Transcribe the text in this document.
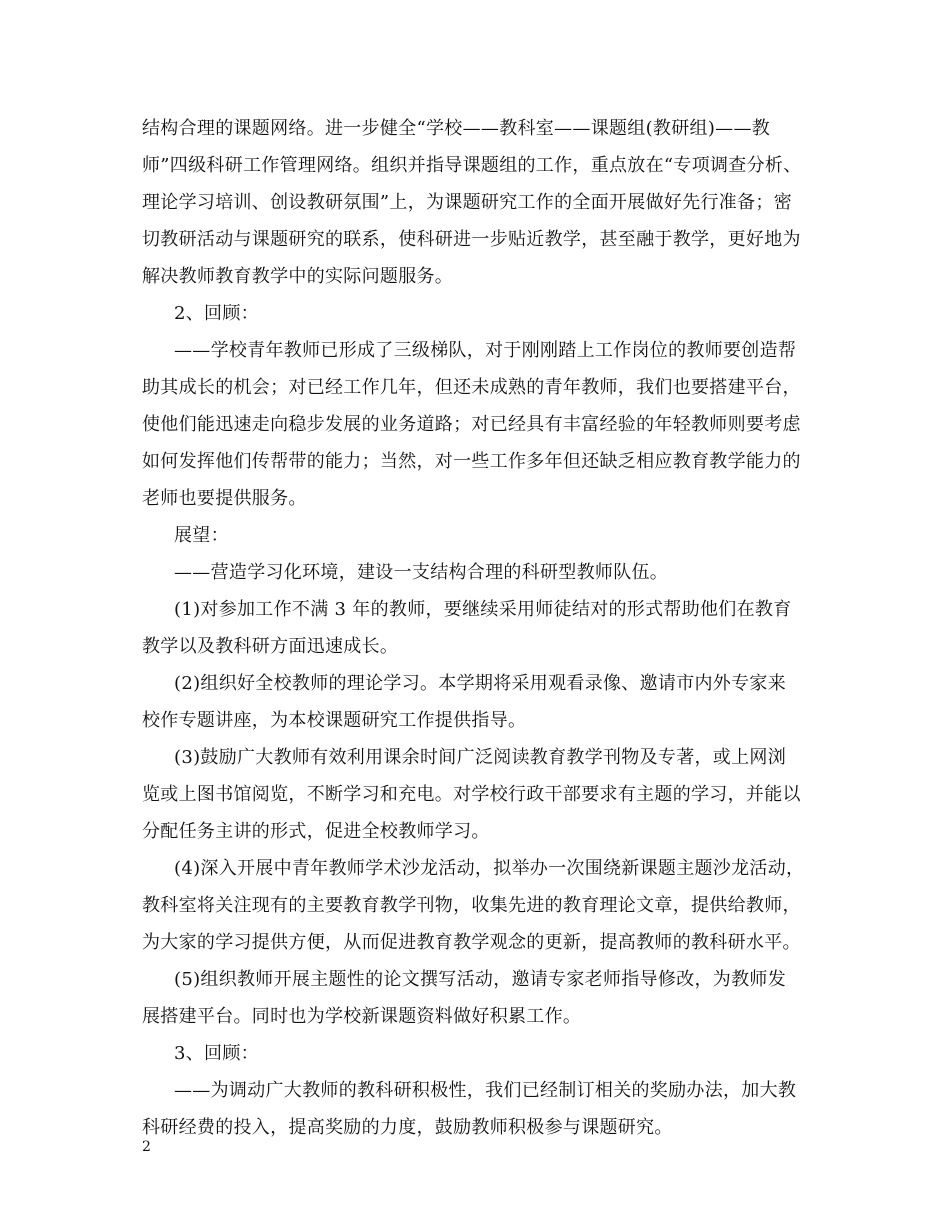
结构合理的课题网络。进一步健全“学校——教科室——课题组(教研组)——教
师”四级科研工作管理网络。组织并指导课题组的工作，重点放在“专项调查分析、
理论学习培训、创设教研氛围”上，为课题研究工作的全面开展做好先行准备；密
切教研活动与课题研究的联系，使科研进一步贴近教学，甚至融于教学，更好地为
解决教师教育教学中的实际问题服务。
2、回顾：
——学校青年教师已形成了三级梯队，对于刚刚踏上工作岗位的教师要创造帮
助其成长的机会；对已经工作几年，但还未成熟的青年教师，我们也要搭建平台，
使他们能迅速走向稳步发展的业务道路；对已经具有丰富经验的年轻教师则要考虑
如何发挥他们传帮带的能力；当然，对一些工作多年但还缺乏相应教育教学能力的
老师也要提供服务。
展望：
——营造学习化环境，建设一支结构合理的科研型教师队伍。
(1)对参加工作不满 3 年的教师，要继续采用师徒结对的形式帮助他们在教育
教学以及教科研方面迅速成长。
(2)组织好全校教师的理论学习。本学期将采用观看录像、邀请市内外专家来
校作专题讲座，为本校课题研究工作提供指导。
(3)鼓励广大教师有效利用课余时间广泛阅读教育教学刊物及专著，或上网浏
览或上图书馆阅览，不断学习和充电。对学校行政干部要求有主题的学习，并能以
分配任务主讲的形式，促进全校教师学习。
(4)深入开展中青年教师学术沙龙活动，拟举办一次围绕新课题主题沙龙活动，
教科室将关注现有的主要教育教学刊物，收集先进的教育理论文章，提供给教师，
为大家的学习提供方便，从而促进教育教学观念的更新，提高教师的教科研水平。
(5)组织教师开展主题性的论文撰写活动，邀请专家老师指导修改，为教师发
展搭建平台。同时也为学校新课题资料做好积累工作。
3、回顾：
——为调动广大教师的教科研积极性，我们已经制订相关的奖励办法，加大教
科研经费的投入，提高奖励的力度，鼓励教师积极参与课题研究。
2
